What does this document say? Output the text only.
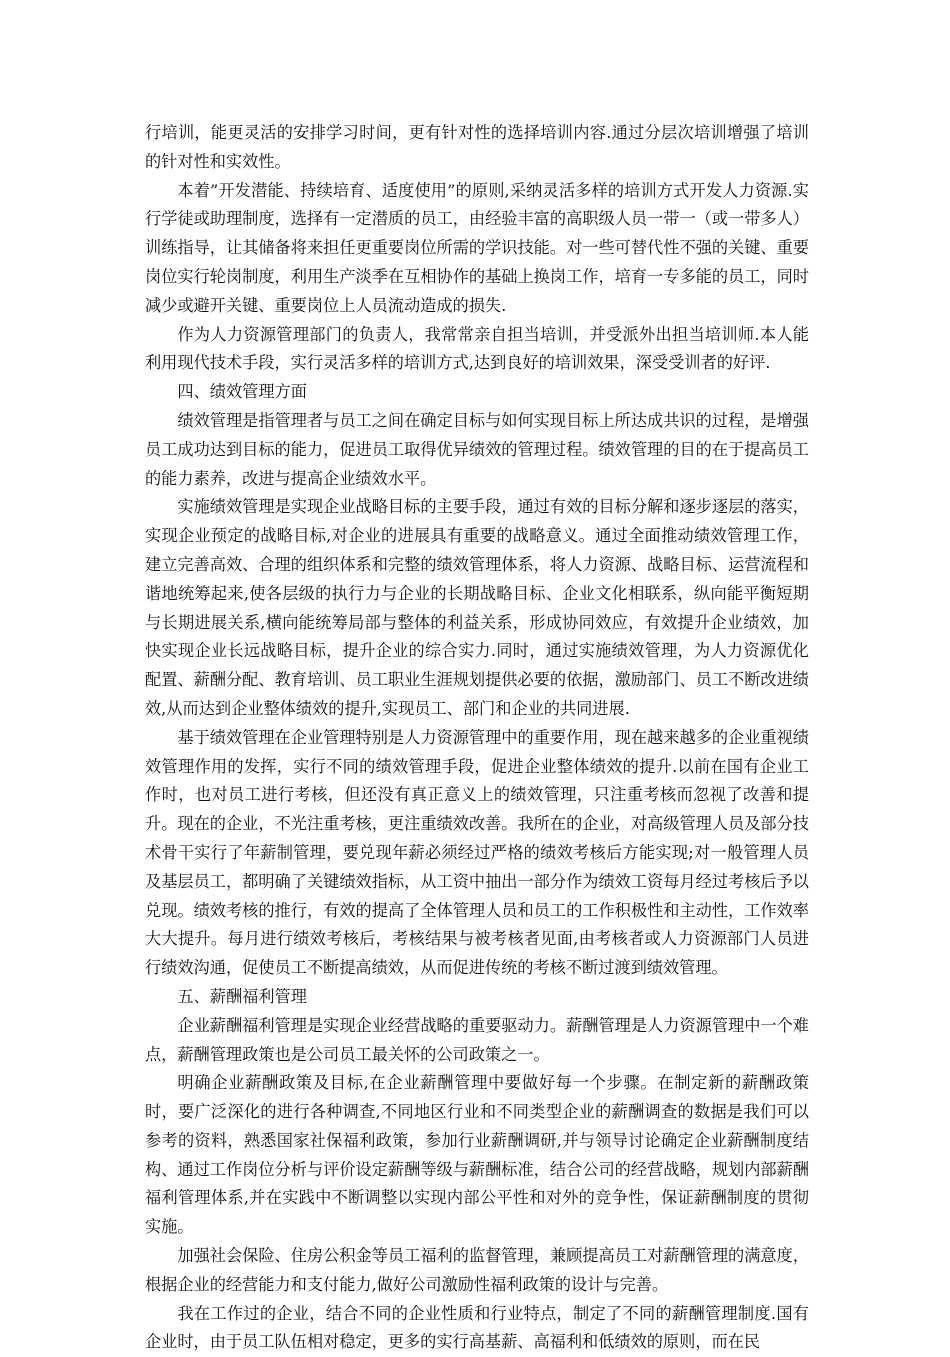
行培训，能更灵活的安排学习时间，更有针对性的选择培训内容.通过分层次培训增强了培训的针对性和实效性。

本着”开发潜能、持续培育、适度使用”的原则,采纳灵活多样的培训方式开发人力资源.实行学徒或助理制度，选择有一定潜质的员工，由经验丰富的高职级人员一带一（或一带多人）训练指导，让其储备将来担任更重要岗位所需的学识技能。对一些可替代性不强的关键、重要岗位实行轮岗制度，利用生产淡季在互相协作的基础上换岗工作，培育一专多能的员工，同时减少或避开关键、重要岗位上人员流动造成的损失.

作为人力资源管理部门的负责人，我常常亲自担当培训，并受派外出担当培训师.本人能利用现代技术手段，实行灵活多样的培训方式,达到良好的培训效果，深受受训者的好评.

四、绩效管理方面

绩效管理是指管理者与员工之间在确定目标与如何实现目标上所达成共识的过程，是增强员工成功达到目标的能力，促进员工取得优异绩效的管理过程。绩效管理的目的在于提高员工的能力素养，改进与提高企业绩效水平。

实施绩效管理是实现企业战略目标的主要手段，通过有效的目标分解和逐步逐层的落实，实现企业预定的战略目标,对企业的进展具有重要的战略意义。通过全面推动绩效管理工作，建立完善高效、合理的组织体系和完整的绩效管理体系，将人力资源、战略目标、运营流程和谐地统筹起来,使各层级的执行力与企业的长期战略目标、企业文化相联系，纵向能平衡短期与长期进展关系,横向能统筹局部与整体的利益关系，形成协同效应，有效提升企业绩效，加快实现企业长远战略目标，提升企业的综合实力.同时，通过实施绩效管理，为人力资源优化配置、薪酬分配、教育培训、员工职业生涯规划提供必要的依据，激励部门、员工不断改进绩效,从而达到企业整体绩效的提升,实现员工、部门和企业的共同进展.

基于绩效管理在企业管理特别是人力资源管理中的重要作用，现在越来越多的企业重视绩效管理作用的发挥，实行不同的绩效管理手段，促进企业整体绩效的提升.以前在国有企业工作时，也对员工进行考核，但还没有真正意义上的绩效管理，只注重考核而忽视了改善和提升。现在的企业，不光注重考核，更注重绩效改善。我所在的企业，对高级管理人员及部分技术骨干实行了年薪制管理，要兑现年薪必须经过严格的绩效考核后方能实现;对一般管理人员及基层员工，都明确了关键绩效指标，从工资中抽出一部分作为绩效工资每月经过考核后予以兑现。绩效考核的推行，有效的提高了全体管理人员和员工的工作积极性和主动性，工作效率大大提升。每月进行绩效考核后，考核结果与被考核者见面,由考核者或人力资源部门人员进行绩效沟通，促使员工不断提高绩效，从而促进传统的考核不断过渡到绩效管理。

五、薪酬福利管理

企业薪酬福利管理是实现企业经营战略的重要驱动力。薪酬管理是人力资源管理中一个难点，薪酬管理政策也是公司员工最关怀的公司政策之一。

明确企业薪酬政策及目标,在企业薪酬管理中要做好每一个步骤。在制定新的薪酬政策时，要广泛深化的进行各种调查,不同地区行业和不同类型企业的薪酬调查的数据是我们可以参考的资料，熟悉国家社保福利政策，参加行业薪酬调研,并与领导讨论确定企业薪酬制度结构、通过工作岗位分析与评价设定薪酬等级与薪酬标准，结合公司的经营战略，规划内部薪酬福利管理体系,并在实践中不断调整以实现内部公平性和对外的竞争性，保证薪酬制度的贯彻实施。

加强社会保险、住房公积金等员工福利的监督管理，兼顾提高员工对薪酬管理的满意度，根据企业的经营能力和支付能力,做好公司激励性福利政策的设计与完善。

我在工作过的企业，结合不同的企业性质和行业特点，制定了不同的薪酬管理制度.国有企业时，由于员工队伍相对稳定，更多的实行高基薪、高福利和低绩效的原则，而在民
